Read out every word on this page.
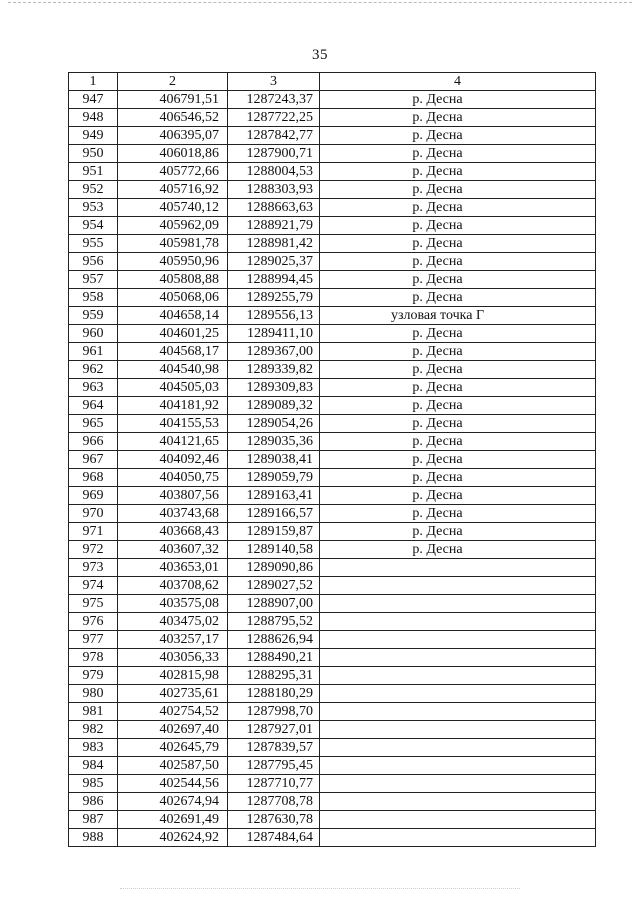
35
1	2	3	4
947	406791,51	1287243,37	р. Десна
948	406546,52	1287722,25	р. Десна
949	406395,07	1287842,77	р. Десна
950	406018,86	1287900,71	р. Десна
951	405772,66	1288004,53	р. Десна
952	405716,92	1288303,93	р. Десна
953	405740,12	1288663,63	р. Десна
954	405962,09	1288921,79	р. Десна
955	405981,78	1288981,42	р. Десна
956	405950,96	1289025,37	р. Десна
957	405808,88	1288994,45	р. Десна
958	405068,06	1289255,79	р. Десна
959	404658,14	1289556,13	узловая точка Г
960	404601,25	1289411,10	р. Десна
961	404568,17	1289367,00	р. Десна
962	404540,98	1289339,82	р. Десна
963	404505,03	1289309,83	р. Десна
964	404181,92	1289089,32	р. Десна
965	404155,53	1289054,26	р. Десна
966	404121,65	1289035,36	р. Десна
967	404092,46	1289038,41	р. Десна
968	404050,75	1289059,79	р. Десна
969	403807,56	1289163,41	р. Десна
970	403743,68	1289166,57	р. Десна
971	403668,43	1289159,87	р. Десна
972	403607,32	1289140,58	р. Десна
973	403653,01	1289090,86	
974	403708,62	1289027,52	
975	403575,08	1288907,00	
976	403475,02	1288795,52	
977	403257,17	1288626,94	
978	403056,33	1288490,21	
979	402815,98	1288295,31	
980	402735,61	1288180,29	
981	402754,52	1287998,70	
982	402697,40	1287927,01	
983	402645,79	1287839,57	
984	402587,50	1287795,45	
985	402544,56	1287710,77	
986	402674,94	1287708,78	
987	402691,49	1287630,78	
988	402624,92	1287484,64	
